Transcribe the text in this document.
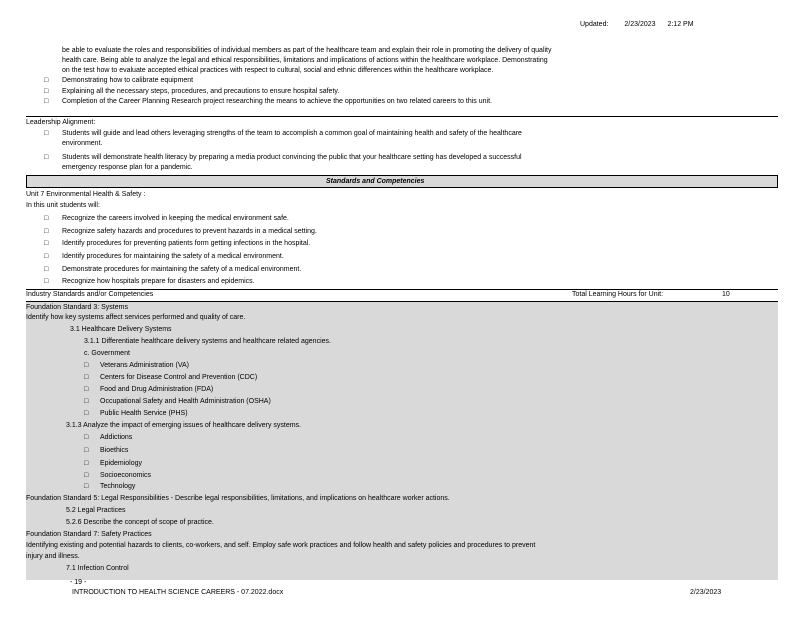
Updated: 2/23/2023 2:12 PM
be able to evaluate the roles and responsibilities of individual members as part of the healthcare team and explain their role in promoting the delivery of quality
health care. Being able to analyze the legal and ethical responsibilities, limitations and implications of actions within the healthcare workplace. Demonstrating
on the test how to evaluate accepted ethical practices with respect to cultural, social and ethnic differences within the healthcare workplace.
□ Demonstrating how to calibrate equipment
□ Explaining all the necessary steps, procedures, and precautions to ensure hospital safety.
□ Completion of the Career Planning Research project researching the means to achieve the opportunities on two related careers to this unit.
Leadership Alignment:
□ Students will guide and lead others leveraging strengths of the team to accomplish a common goal of maintaining health and safety of the healthcare
environment.
□ Students will demonstrate health literacy by preparing a media product convincing the public that your healthcare setting has developed a successful
emergency response plan for a pandemic.
Standards and Competencies
Unit 7 Environmental Health & Safety :
In this unit students will:
□ Recognize the careers involved in keeping the medical environment safe.
□ Recognize safety hazards and procedures to prevent hazards in a medical setting.
□ Identify procedures for preventing patients form getting infections in the hospital.
□ Identify procedures for maintaining the safety of a medical environment.
□ Demonstrate procedures for maintaining the safety of a medical environment.
□ Recognize how hospitals prepare for disasters and epidemics.
Industry Standards and/or Competencies	Total Learning Hours for Unit:	10
Foundation Standard 3: Systems
Identify how key systems affect services performed and quality of care.
3.1 Healthcare Delivery Systems
3.1.1 Differentiate healthcare delivery systems and healthcare related agencies.
c. Government
□ Veterans Administration (VA)
□ Centers for Disease Control and Prevention (CDC)
□ Food and Drug Administration (FDA)
□ Occupational Safety and Health Administration (OSHA)
□ Public Health Service (PHS)
3.1.3 Analyze the impact of emerging issues of healthcare delivery systems.
□ Addictions
□ Bioethics
□ Epidemiology
□ Socioeconomics
□ Technology
Foundation Standard 5: Legal Responsibilities - Describe legal responsibilities, limitations, and implications on healthcare worker actions.
5.2 Legal Practices
5.2.6 Describe the concept of scope of practice.
Foundation Standard 7: Safety Practices
Identifying existing and potential hazards to clients, co-workers, and self. Employ safe work practices and follow health and safety policies and procedures to prevent
injury and illness.
7.1 Infection Control
- 19 -
INTRODUCTION TO HEALTH SCIENCE CAREERS - 07.2022.docx	2/23/2023
